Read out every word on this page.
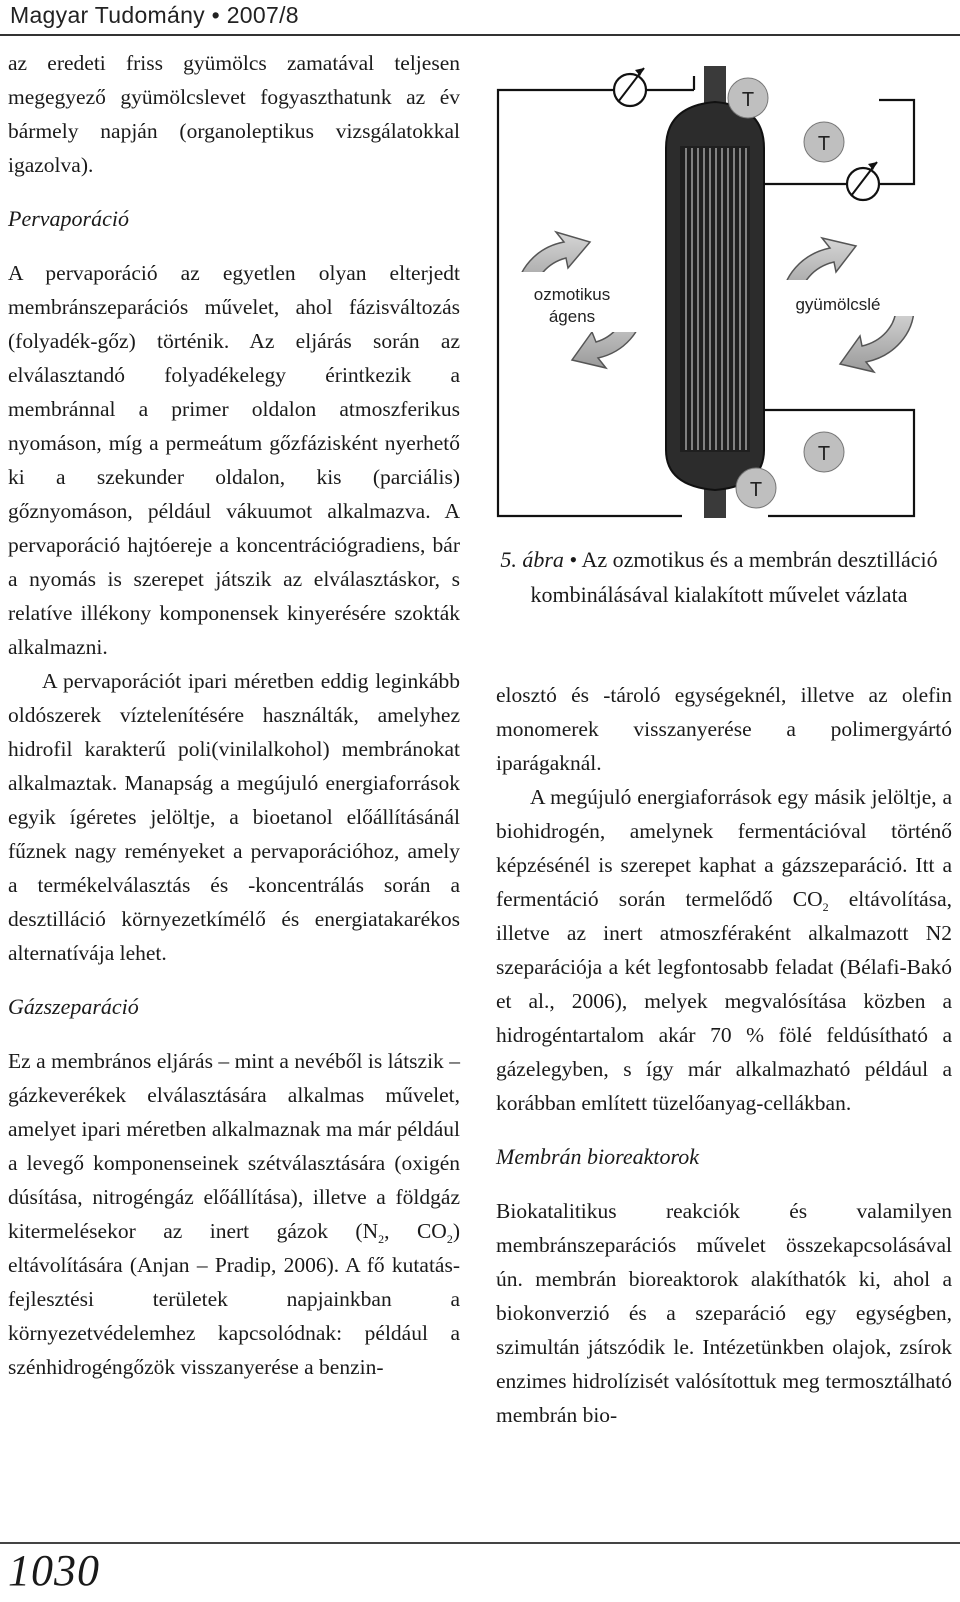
Magyar Tudomány • 2007/8

az eredeti friss gyümölcs zamatával teljesen megegyező gyümölcslevet fogyaszthatunk az év bármely napján (organoleptikus vizsgálatokkal igazolva).

Pervaporáció

A pervaporáció az egyetlen olyan elterjedt membránszeparációs művelet, ahol fázisváltozás (folyadék-gőz) történik. Az eljárás során az elválasztandó folyadékelegy érintkezik a membránnal a primer oldalon atmoszferikus nyomáson, míg a permeátum gőzfázisként nyerhető ki a szekunder oldalon, kis (parciális) gőznyomáson, például vákuumot alkalmazva. A pervaporáció hajtóereje a koncentrációgradiens, bár a nyomás is szerepet játszik az elválasztáskor, s relatíve illékony komponensek kinyerésére szokták alkalmazni.

A pervaporációt ipari méretben eddig leginkább oldószerek víztelenítésére használták, amelyhez hidrofil karakterű poli(vinilalkohol) membránokat alkalmaztak. Manapság a megújuló energiaforrások egyik ígéretes jelöltje, a bioetanol előállításánál fűznek nagy reményeket a pervaporációhoz, amely a termékelválasztás és -koncentrálás során a desztilláció környezetkímélő és energiatakarékos alternatívája lehet.

Gázszeparáció

Ez a membrános eljárás – mint a nevéből is látszik – gázkeverékek elválasztására alkalmas művelet, amelyet ipari méretben alkalmaznak ma már például a levegő komponenseinek szétválasztására (oxigén dúsítása, nitrogéngáz előállítása), illetve a földgáz kitermelésekor az inert gázok ($N_2$, $CO_2$) eltávolítására (Anjan – Pradip, 2006). A fő kutatás-fejlesztési területek napjainkban a környezetvédelemhez kapcsolódnak: például a szénhidrogéngőzök visszanyerése a benzin-

ozmotikus
ágens
gyümölcslé
T
T
T
T
5. ábra • Az ozmotikus és a membrán desztilláció kombinálásával kialakított művelet vázlata

elosztó és -tároló egységeknél, illetve az olefin monomerek visszanyerése a polimergyártó iparágaknál.

A megújuló energiaforrások egy másik jelöltje, a biohidrogén, amelynek fermentációval történő képzésénél is szerepet kaphat a gázszeparáció. Itt a fermentáció során termelődő $CO_2$ eltávolítása, illetve az inert atmoszféraként alkalmazott N2 szeparációja a két legfontosabb feladat (Bélafi-Bakó et al., 2006), melyek megvalósítása közben a hidrogéntartalom akár 70 % fölé feldúsítható a gázelegyben, s így már alkalmazható például a korábban említett tüzelőanyag-cellákban.

Membrán bioreaktorok

Biokatalitikus reakciók és valamilyen membránszeparációs művelet összekapcsolásával ún. membrán bioreaktorok alakíthatók ki, ahol a biokonverzió és a szeparáció egy egységben, szimultán játszódik le. Intézetünkben olajok, zsírok enzimes hidrolízisét valósítottuk meg termosztálható membrán bio-

1030
